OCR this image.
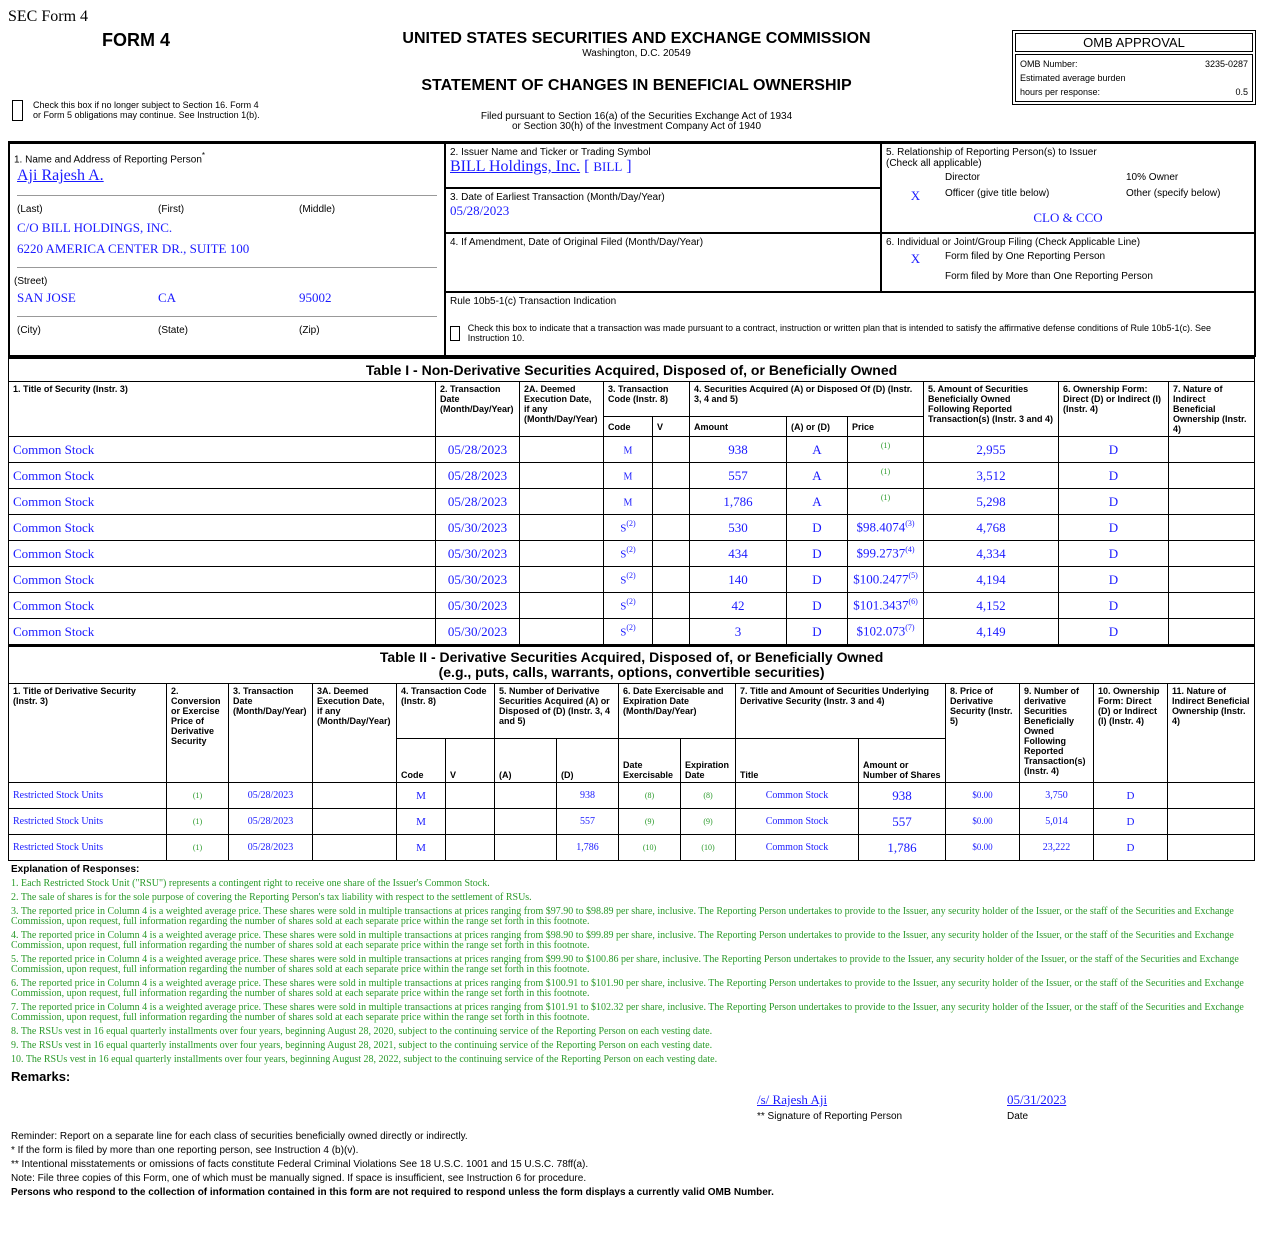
SEC Form 4
FORM 4	UNITED STATES SECURITIES AND EXCHANGE COMMISSION
Washington, D.C. 20549
STATEMENT OF CHANGES IN BENEFICIAL OWNERSHIP
Filed pursuant to Section 16(a) of the Securities Exchange Act of 1934
or Section 30(h) of the Investment Company Act of 1940
Check this box if no longer subject to Section 16. Form 4
or Form 5 obligations may continue. See Instruction 1(b).
OMB APPROVAL
OMB Number:	3235-0287
Estimated average burden
hours per response:	0.5
1. Name and Address of Reporting Person*
Aji Rajesh A.
(Last)	(First)	(Middle)
C/O BILL HOLDINGS, INC.
6220 AMERICA CENTER DR., SUITE 100
(Street)
SAN JOSE	CA	95002
(City)	(State)	(Zip)
2. Issuer Name and Ticker or Trading Symbol
BILL Holdings, Inc. [ BILL ]
5. Relationship of Reporting Person(s) to Issuer
(Check all applicable)
Director	10% Owner
X	Officer (give title below)	Other (specify below)
CLO & CCO
3. Date of Earliest Transaction (Month/Day/Year)
05/28/2023
4. If Amendment, Date of Original Filed (Month/Day/Year)	6. Individual or Joint/Group Filing (Check Applicable Line)
X	Form filed by One Reporting Person
Form filed by More than One Reporting Person
Rule 10b5-1(c) Transaction Indication
Check this box to indicate that a transaction was made pursuant to a contract, instruction or written plan that is intended to satisfy the affirmative defense conditions of Rule 10b5-1(c). See Instruction 10.
Table I - Non-Derivative Securities Acquired, Disposed of, or Beneficially Owned										
1. Title of Security (Instr. 3)	2. Transaction Date (Month/Day/Year)	2A. Deemed Execution Date, if any (Month/Day/Year)	3. Transaction Code (Instr. 8)		4. Securities Acquired (A) or Disposed Of (D) (Instr. 3, 4 and 5)			5. Amount of Securities Beneficially Owned Following Reported Transaction(s) (Instr. 3 and 4)	6. Ownership Form: Direct (D) or Indirect (I) (Instr. 4)	7. Nature of Indirect Beneficial Ownership (Instr. 4)
			Code	V	Amount	(A) or (D)	Price			
Common Stock	05/28/2023		M		938	A	$^{(1)}$	2,955	D	
Common Stock	05/28/2023		M		557	A	$^{(1)}$	3,512	D	
Common Stock	05/28/2023		M		1,786	A	$^{(1)}$	5,298	D	
Common Stock	05/30/2023		$S^{(2)}$		530	D	$98.4074$^{(3)}$	4,768	D	
Common Stock	05/30/2023		$S^{(2)}$		434	D	$99.2737$^{(4)}$	4,334	D	
Common Stock	05/30/2023		$S^{(2)}$		140	D	$100.2477$^{(5)}$	4,194	D	
Common Stock	05/30/2023		$S^{(2)}$		42	D	$101.3437$^{(6)}$	4,152	D	
Common Stock	05/30/2023		$S^{(2)}$		3	D	$102.073$^{(7)}$	4,149	D	
Table II - Derivative Securities Acquired, Disposed of, or Beneficially Owned
(e.g., puts, calls, warrants, options, convertible securities)															

1. Title of Derivative Security (Instr. 3)	2. Conversion or Exercise Price of Derivative Security	3. Transaction Date (Month/Day/Year)	3A. Deemed Execution Date, if any (Month/Day/Year)	4. Transaction Code (Instr. 8)		5. Number of Derivative Securities Acquired (A) or Disposed of (D) (Instr. 3, 4 and 5)		6. Date Exercisable and Expiration Date (Month/Day/Year)		7. Title and Amount of Securities Underlying Derivative Security (Instr. 3 and 4)		8. Price of Derivative Security (Instr. 5)	9. Number of derivative Securities Beneficially Owned Following Reported Transaction(s) (Instr. 4)	10. Ownership Form: Direct (D) or Indirect (I) (Instr. 4)	11. Nature of Indirect Beneficial Ownership (Instr. 4)
				Code	V	(A)	(D)	Date Exercisable	Expiration Date	Title	Amount or Number of Shares				
Restricted Stock Units	(1)	05/28/2023		M			938	(8)	(8)	Common Stock	938	$0.00	3,750	D	
Restricted Stock Units	(1)	05/28/2023		M			557	(9)	(9)	Common Stock	557	$0.00	5,014	D	
Restricted Stock Units	(1)	05/28/2023		M			1,786	(10)	(10)	Common Stock	1,786	$0.00	23,222	D	
Explanation of Responses:
1. Each Restricted Stock Unit ("RSU") represents a contingent right to receive one share of the Issuer's Common Stock.
2. The sale of shares is for the sole purpose of covering the Reporting Person's tax liability with respect to the settlement of RSUs.
3. The reported price in Column 4 is a weighted average price. These shares were sold in multiple transactions at prices ranging from $97.90 to $98.89 per share, inclusive. The Reporting Person undertakes to provide to the Issuer, any security holder of the Issuer, or the staff of the Securities and Exchange Commission, upon request, full information regarding the number of shares sold at each separate price within the range set forth in this footnote.
4. The reported price in Column 4 is a weighted average price. These shares were sold in multiple transactions at prices ranging from $98.90 to $99.89 per share, inclusive. The Reporting Person undertakes to provide to the Issuer, any security holder of the Issuer, or the staff of the Securities and Exchange Commission, upon request, full information regarding the number of shares sold at each separate price within the range set forth in this footnote.
5. The reported price in Column 4 is a weighted average price. These shares were sold in multiple transactions at prices ranging from $99.90 to $100.86 per share, inclusive. The Reporting Person undertakes to provide to the Issuer, any security holder of the Issuer, or the staff of the Securities and Exchange Commission, upon request, full information regarding the number of shares sold at each separate price within the range set forth in this footnote.
6. The reported price in Column 4 is a weighted average price. These shares were sold in multiple transactions at prices ranging from $100.91 to $101.90 per share, inclusive. The Reporting Person undertakes to provide to the Issuer, any security holder of the Issuer, or the staff of the Securities and Exchange Commission, upon request, full information regarding the number of shares sold at each separate price within the range set forth in this footnote.
7. The reported price in Column 4 is a weighted average price. These shares were sold in multiple transactions at prices ranging from $101.91 to $102.32 per share, inclusive. The Reporting Person undertakes to provide to the Issuer, any security holder of the Issuer, or the staff of the Securities and Exchange Commission, upon request, full information regarding the number of shares sold at each separate price within the range set forth in this footnote.
8. The RSUs vest in 16 equal quarterly installments over four years, beginning August 28, 2020, subject to the continuing service of the Reporting Person on each vesting date.
9. The RSUs vest in 16 equal quarterly installments over four years, beginning August 28, 2021, subject to the continuing service of the Reporting Person on each vesting date.
10. The RSUs vest in 16 equal quarterly installments over four years, beginning August 28, 2022, subject to the continuing service of the Reporting Person on each vesting date.
Remarks:
/s/ Rajesh Aji
** Signature of Reporting Person
05/31/2023
Date
Reminder: Report on a separate line for each class of securities beneficially owned directly or indirectly.
* If the form is filed by more than one reporting person, see Instruction 4 (b)(v).
** Intentional misstatements or omissions of facts constitute Federal Criminal Violations See 18 U.S.C. 1001 and 15 U.S.C. 78ff(a).
Note: File three copies of this Form, one of which must be manually signed. If space is insufficient, see Instruction 6 for procedure.
Persons who respond to the collection of information contained in this form are not required to respond unless the form displays a currently valid OMB Number.
